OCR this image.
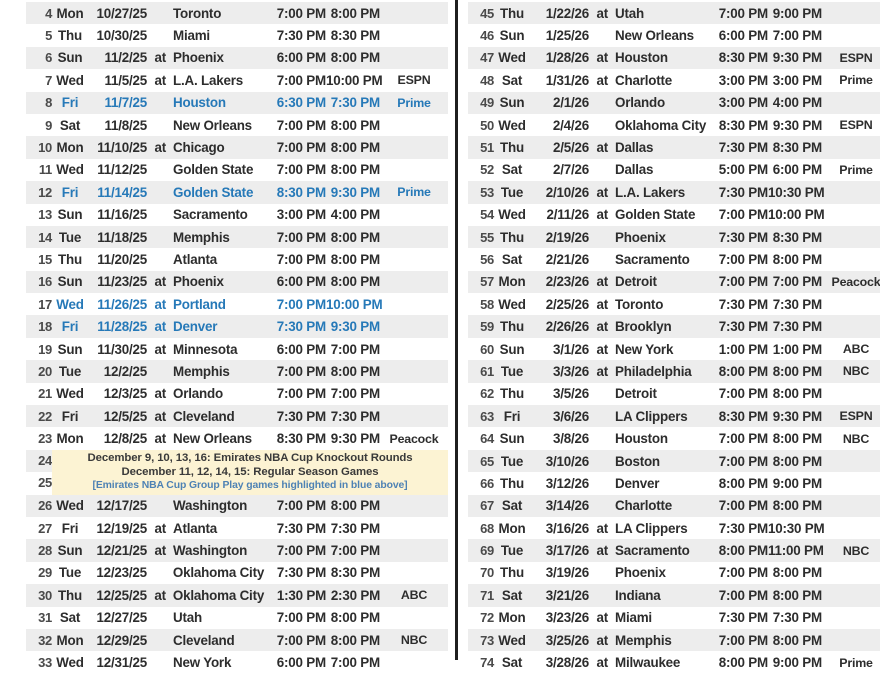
4 Mon 10/27/25	Toronto	7:00 PM 8:00 PM
5 Thu	10/30/25	Miami	7:30 PM 8:30 PM
6 Sun	11/2/25 at Phoenix	6:00 PM 8:00 PM
7 Wed	11/5/25 at L.A. Lakers	7:00 PM 10:00 PM	ESPN
8 Fri	11/7/25	Houston	6:30 PM 7:30 PM	Prime
9 Sat	11/8/25	New Orleans	7:00 PM 8:00 PM
10 Mon	11/10/25 at Chicago	7:00 PM 8:00 PM
11 Wed	11/12/25	Golden State	7:00 PM 8:00 PM
12 Fri	11/14/25	Golden State	8:30 PM 9:30 PM	Prime
13 Sun	11/16/25	Sacramento	3:00 PM 4:00 PM
14 Tue	11/18/25	Memphis	7:00 PM 8:00 PM
15 Thu	11/20/25	Atlanta	7:00 PM 8:00 PM
16 Sun	11/23/25 at Phoenix	6:00 PM 8:00 PM
17 Wed	11/26/25 at Portland	7:00 PM 10:00 PM
18 Fri	11/28/25 at Denver	7:30 PM 9:30 PM
19 Sun	11/30/25 at Minnesota	6:00 PM 7:00 PM
20 Tue	12/2/25	Memphis	7:00 PM 8:00 PM
21 Wed	12/3/25 at Orlando	7:00 PM 7:00 PM
22 Fri	12/5/25 at Cleveland	7:30 PM 7:30 PM
23 Mon	12/8/25 at New Orleans	8:30 PM 9:30 PM Peacock
24
25
December 9, 10, 13, 16: Emirates NBA Cup Knockout Rounds
December 11, 12, 14, 15: Regular Season Games
[Emirates NBA Cup Group Play games highlighted in blue above]
26 Wed 12/17/25	Washington	7:00 PM 8:00 PM
27 Fri	12/19/25 at Atlanta	7:30 PM 7:30 PM
28 Sun	12/21/25 at Washington	7:00 PM 7:00 PM
29 Tue	12/23/25	Oklahoma City 7:30 PM 8:30 PM
30 Thu	12/25/25 at Oklahoma City 1:30 PM 2:30 PM	ABC
31 Sat	12/27/25	Utah	7:00 PM 8:00 PM
32 Mon 12/29/25	Cleveland	7:00 PM 8:00 PM	NBC
33 Wed 12/31/25	New York	6:00 PM 7:00 PM
45 Thu	1/22/26 at Utah	7:00 PM 9:00 PM
46 Sun	1/25/26	New Orleans	6:00 PM 7:00 PM
47 Wed	1/28/26 at Houston	8:30 PM 9:30 PM	ESPN
48 Sat	1/31/26 at Charlotte	3:00 PM 3:00 PM	Prime
49 Sun	2/1/26	Orlando	3:00 PM 4:00 PM
50 Wed	2/4/26	Oklahoma City 8:30 PM 9:30 PM	ESPN
51 Thu	2/5/26 at Dallas	7:30 PM 8:30 PM
52 Sat	2/7/26	Dallas	5:00 PM 6:00 PM	Prime
53 Tue	2/10/26 at L.A. Lakers	7:30 PM 10:30 PM
54 Wed	2/11/26 at Golden State	7:00 PM 10:00 PM
55 Thu	2/19/26	Phoenix	7:30 PM 8:30 PM
56 Sat	2/21/26	Sacramento	7:00 PM 8:00 PM
57 Mon	2/23/26 at Detroit	7:00 PM 7:00 PM Peacock
58 Wed	2/25/26 at Toronto	7:30 PM 7:30 PM
59 Thu	2/26/26 at Brooklyn	7:30 PM 7:30 PM
60 Sun	3/1/26 at New York	1:00 PM 1:00 PM	ABC
61 Tue	3/3/26 at Philadelphia	8:00 PM 8:00 PM	NBC
62 Thu	3/5/26	Detroit	7:00 PM 8:00 PM
63 Fri	3/6/26	LA Clippers	8:30 PM 9:30 PM	ESPN
64 Sun	3/8/26	Houston	7:00 PM 8:00 PM	NBC
65 Tue	3/10/26	Boston	7:00 PM 8:00 PM
66 Thu	3/12/26	Denver	8:00 PM 9:00 PM
67 Sat	3/14/26	Charlotte	7:00 PM 8:00 PM
68 Mon	3/16/26 at LA Clippers	7:30 PM 10:30 PM
69 Tue	3/17/26 at Sacramento	8:00 PM 11:00 PM	NBC
70 Thu	3/19/26	Phoenix	7:00 PM 8:00 PM
71 Sat	3/21/26	Indiana	7:00 PM 8:00 PM
72 Mon	3/23/26 at Miami	7:30 PM 7:30 PM
73 Wed	3/25/26 at Memphis	7:00 PM 8:00 PM
74 Sat	3/28/26 at Milwaukee	8:00 PM 9:00 PM	Prime
